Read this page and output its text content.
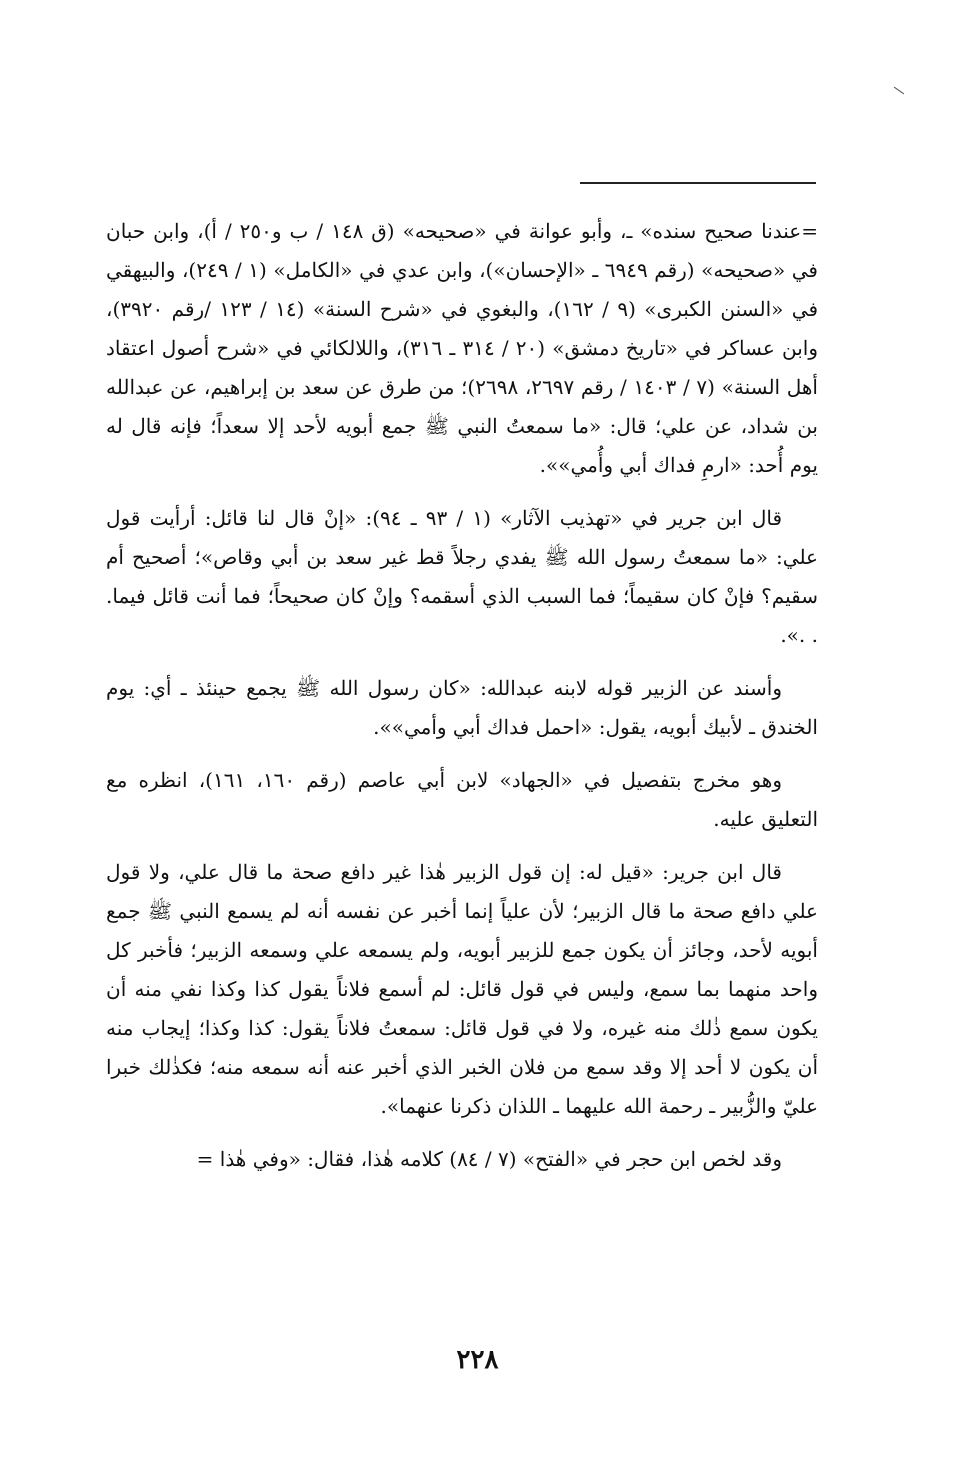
=عندنا صحيح سنده» ـ، وأبو عوانة في «صحيحه» (ق ١٤٨ / ب و٢٥٠ / أ)، وابن حبان في «صحيحه» (رقم ٦٩٤٩ ـ «الإحسان»)، وابن عدي في «الكامل» (١ / ٢٤٩)، والبيهقي في «السنن الكبرى» (٩ / ١٦٢)، والبغوي في «شرح السنة» (١٤ / ١٢٣ /رقم ٣٩٢٠)، وابن عساكر في «تاريخ دمشق» (٢٠ / ٣١٤ ـ ٣١٦)، واللالكائي في «شرح أصول اعتقاد أهل السنة» (٧ / ١٤٠٣ / رقم ٢٦٩٧، ٢٦٩٨)؛ من طرق عن سعد بن إبراهيم، عن عبدالله بن شداد، عن علي؛ قال: «ما سمعتُ النبي ﷺ جمع أبويه لأحد إلا سعداً؛ فإنه قال له يوم أُحد: «ارمِ فداك أبي وأُمي»».

قال ابن جرير في «تهذيب الآثار» (١ / ٩٣ ـ ٩٤): «إنْ قال لنا قائل: أرأيت قول علي: «ما سمعتُ رسول الله ﷺ يفدي رجلاً قط غير سعد بن أبي وقاص»؛ أصحيح أم سقيم؟ فإنْ كان سقيماً؛ فما السبب الذي أسقمه؟ وإنْ كان صحيحاً؛ فما أنت قائل فيما. . .».

وأسند عن الزبير قوله لابنه عبدالله: «كان رسول الله ﷺ يجمع حينئذ ـ أي: يوم الخندق ـ لأبيك أبويه، يقول: «احمل فداك أبي وأمي»».

وهو مخرج بتفصيل في «الجهاد» لابن أبي عاصم (رقم ١٦٠، ١٦١)، انظره مع التعليق عليه.

قال ابن جرير: «قيل له: إن قول الزبير هٰذا غير دافع صحة ما قال علي، ولا قول علي دافع صحة ما قال الزبير؛ لأن علياً إنما أخبر عن نفسه أنه لم يسمع النبي ﷺ جمع أبويه لأحد، وجائز أن يكون جمع للزبير أبويه، ولم يسمعه علي وسمعه الزبير؛ فأخبر كل واحد منهما بما سمع، وليس في قول قائل: لم أسمع فلاناً يقول كذا وكذا نفي منه أن يكون سمع ذٰلك منه غيره، ولا في قول قائل: سمعتُ فلاناً يقول: كذا وكذا؛ إيجاب منه أن يكون لا أحد إلا وقد سمع من فلان الخبر الذي أخبر عنه أنه سمعه منه؛ فكذٰلك خبرا عليّ والزُّبير ـ رحمة الله عليهما ـ اللذان ذكرنا عنهما».

وقد لخص ابن حجر في «الفتح» (٧ / ٨٤) كلامه هٰذا، فقال: «وفي هٰذا =

٢٢٨
